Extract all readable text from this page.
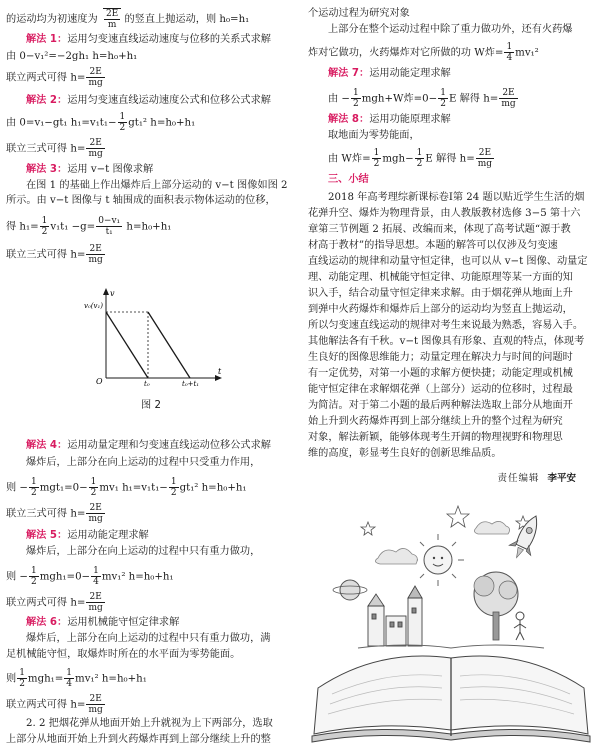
的运动均为初速度为 $\frac{2E}{m}$ 的竖直上抛运动，则 h₀=h₁
解法 1：运用匀变速直线运动速度与位移的关系式求解
由 0−v₁²=−2gh₁ h=h₀+h₁
联立两式可得 $h= \frac{2E}{mg}$
解法 2：运用匀变速直线运动速度公式和位移公式求解
由 0=v₁−gt₁ $h_1=v_1t_1- \frac{1}{2} gt_1^2$ h=h₀+h₁
联立三式可得 $h= \frac{2E}{mg}$
解法 3：运用 v−t 图像求解
在图 1 的基础上作出爆炸后上部分运动的 v−t 图像如图 2
所示。由 v−t 图像与 t 轴围成的面积表示物体运动的位移，
得 $h_1= \frac{1}{2} v_1t_1 -g= \frac{\text{0−v₁}}{\text{t₁}} h=h_0+h_1$
联立三式可得 $h= \frac{2E}{mg}$
v
v₀(v₁)
O	t₀	t₀+t₁
t
图 2
解法 4：运用动量定理和匀变速直线运动位移公式求解
爆炸后，上部分在向上运动的过程中只受重力作用，
则 − $\frac{1}{2} mgt_1=0- \frac{1}{2} mv_1$ $h_1=v_1t_1- \frac{1}{2} gt_1^2$ h=h₀+h₁
联立三式可得 $h= \frac{2E}{mg}$
解法 5：运用动能定理求解
爆炸后，上部分在向上运动的过程中只有重力做功，
则 − $\frac{1}{2} mgh_1=0- \frac{1}{4} mv_1^2$ h=h₀+h₁
联立两式可得 $h= \frac{2E}{mg}$
解法 6：运用机械能守恒定律求解
爆炸后，上部分在向上运动的过程中只有重力做功，满
足机械能守恒，取爆炸时所在的水平面为零势能面。
则 $\frac{1}{2} mgh_1= \frac{1}{4} mv_1^2$ h=h₀+h₁
联立两式可得 $h= \frac{2E}{mg}$
2. 2 把烟花弹从地面开始上升就视为上下两部分，选取
上部分从地面开始上升到火药爆炸再到上部分继续上升的整
个运动过程为研究对象
上部分在整个运动过程中除了重力做功外，还有火药爆
炸对它做功，火药爆炸对它所做的功 W炸= $\frac{1}{4} mv_1^2$
解法 7：运用动能定理求解
由 − $\frac{1}{2} mgh+W$炸$=0- \frac{1}{2}$ E 解得 $h= \frac{2E}{mg}$
解法 8：运用功能原理求解
取地面为零势能面，
由 W炸= $\frac{1}{2} mgh- \frac{1}{2}$ E 解得 $h= \frac{2E}{mg}$
三、小结
2018 年高考理综新课标卷Ⅰ第 24 题以贴近学生生活的烟
花弹升空、爆炸为物理背景，由人教版教材选修 3−5 第十六
章第三节例题 2 拓展、改编而来，体现了高考试题“源于教
材高于教材”的指导思想。本题的解答可以仅涉及匀变速
直线运动的规律和动量守恒定律，也可以从 v−t 图像、动量定
理、动能定理、机械能守恒定律、功能原理等某一方面的知
识入手，结合动量守恒定律来求解。由于烟花弹从地面上升
到弹中火药爆炸和爆炸后上部分的运动均为竖直上抛运动，
所以匀变速直线运动的规律对考生来说最为熟悉，容易入手。
其他解法各有千秋。v−t 图像具有形象、直观的特点，体现考
生良好的图像思维能力；动量定理在解决力与时间的问题时
有一定优势，对第一小题的求解方便快捷；动能定理或机械
能守恒定律在求解烟花弹（上部分）运动的位移时，过程最
为简洁。对于第二小题的最后两种解法选取上部分从地面开
始上升到火药爆炸再到上部分继续上升的整个过程为研究
对象，解法新颖，能够体现考生开阔的物理视野和物理思
维的高度，彰显考生良好的创新思维品质。
责任编辑 李平安
